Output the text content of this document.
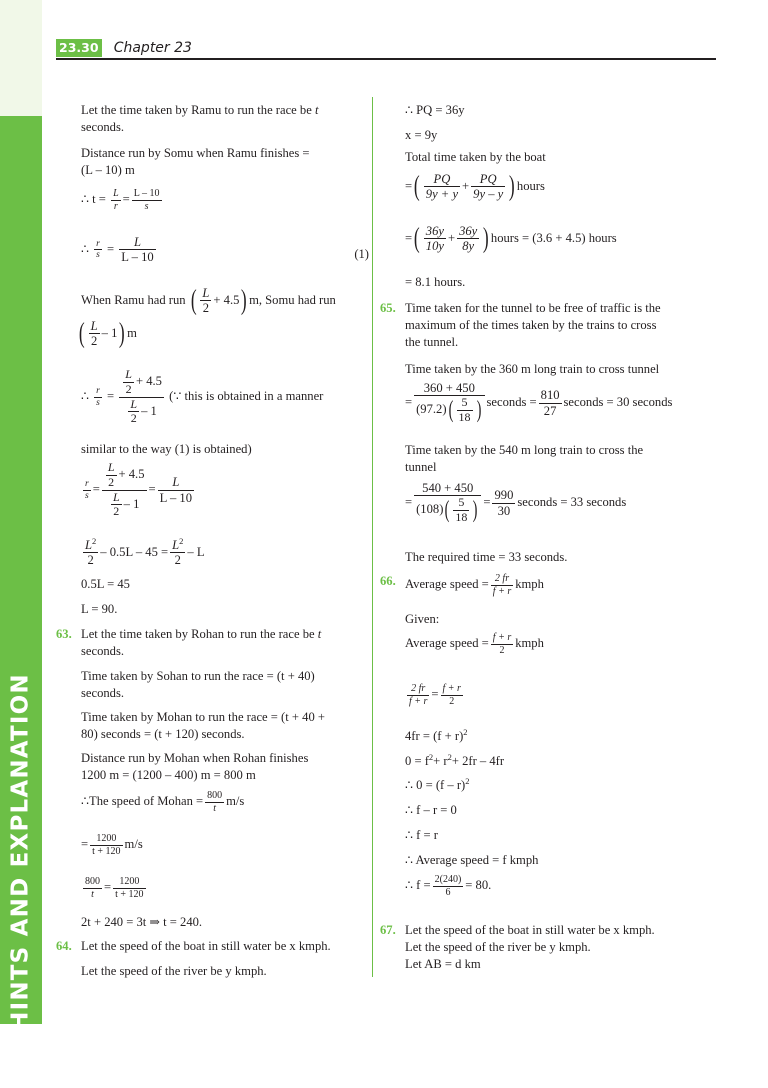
HINTS AND EXPLANATION
23.30 Chapter 23
Let the time taken by Ramu to run the race be t
seconds.
Distance run by Somu when Ramu finishes =
(L – 10) m
∴ $t = \frac{L}{r} = \frac{L - 10}{s}$
∴ $\frac{r}{s} = \frac{L}{L - 10}$	(1)
When Ramu had run ( $\frac{L}{2} + 4.5$) m, Somu had run
( $\frac{L}{2} - 1$) m
∴ $\frac{r}{s} = \frac{\frac{L}{2} + 4.5}{\frac{L}{2} - 1}$ (∵ this is obtained in a manner
similar to the way (1) is obtained)
$\frac{r}{s} = \frac{\frac{L}{2} + 4.5}{\frac{L}{2} - 1} = \frac{L}{L - 10}$
$\frac{L^2}{2} - 0.5L - 45 = \frac{L^2}{2} - L$
0.5L = 45
L = 90.
63. Let the time taken by Rohan to run the race be t
seconds.
Time taken by Sohan to run the race = (t + 40)
seconds.
Time taken by Mohan to run the race = (t + 40 +
80) seconds = (t + 120) seconds.
Distance run by Mohan when Rohan finishes
1200 m = (1200 – 400) m = 800 m
∴The speed of Mohan = $\frac{800}{t} m/s$
= $\frac{1200}{t + 120} m/s$
$\frac{800}{t} = \frac{1200}{t + 120}$
2t + 240 = 3t ⇒ t = 240.
64. Let the speed of the boat in still water be x kmph.
Let the speed of the river be y kmph.
∴ PQ = 36y
x = 9y
Total time taken by the boat
=( $\frac{PQ}{9y + y} + \frac{PQ}{9y - y}$ ) hours
=( $\frac{36y}{10y} + \frac{36y}{8y}$ ) hours = (3.6 + 4.5) hours
= 8.1 hours.
65. Time taken for the tunnel to be free of traffic is the
maximum of the times taken by the trains to cross
the tunnel.
Time taken by the 360 m long train to cross tunnel
= $\frac{360 + 450}{(97.2)( \frac{5}{18} )}$ seconds = $\frac{810}{27}$ seconds = 30 seconds
Time taken by the 540 m long train to cross the
tunnel
= $\frac{540 + 450}{(108)( \frac{5}{18} )} = \frac{990}{30}$ seconds = 33 seconds
The required time = 33 seconds.
66. Average speed = $\frac{2 fr}{f + r}$ kmph
Given:
Average speed = $\frac{f + r}{2}$ kmph
$\frac{2 fr}{f + r} = \frac{f + r}{2}$
$4fr = (f + r)^2$
$0 = f^2+ r^2+ 2fr - 4fr$
∴ 0 = (f – r)$^2$
∴ f – r = 0
∴ f = r
∴ Average speed = f kmph
∴ $f = \frac{2(240)}{6} = 80$.
67. Let the speed of the boat in still water be x kmph.
Let the speed of the river be y kmph.
Let AB = d km
